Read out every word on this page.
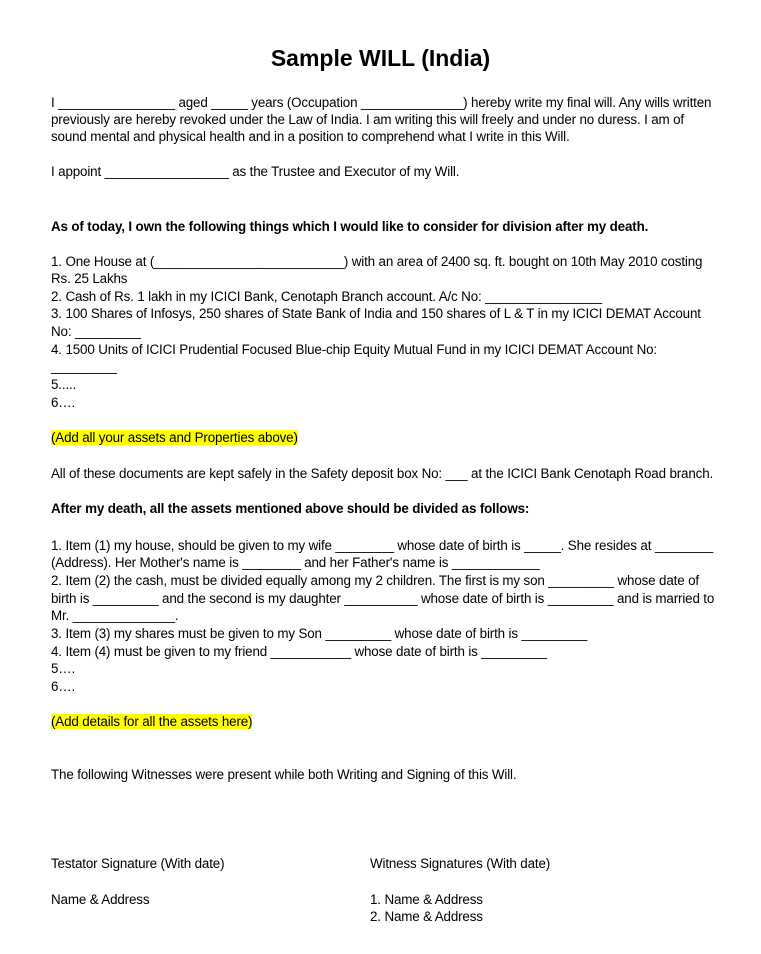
Sample WILL (India)

I ________________ aged _____ years (Occupation ______________) hereby write my final will. Any wills written

previously are hereby revoked under the Law of India. I am writing this will freely and under no duress. I am of

sound mental and physical health and in a position to comprehend what I write in this Will.

I appoint _________________ as the Trustee and Executor of my Will.

As of today, I own the following things which I would like to consider for division after my death.

1. One House at (__________________________) with an area of 2400 sq. ft. bought on 10th May 2010 costing

Rs. 25 Lakhs

2. Cash of Rs. 1 lakh in my ICICI Bank, Cenotaph Branch account. A/c No: ________________

3. 100 Shares of Infosys, 250 shares of State Bank of India and 150 shares of L & T in my ICICI DEMAT Account

No: _________

4. 1500 Units of ICICI Prudential Focused Blue-chip Equity Mutual Fund in my ICICI DEMAT Account No:

_________

5.....

6….

(Add all your assets and Properties above)

All of these documents are kept safely in the Safety deposit box No: ___ at the ICICI Bank Cenotaph Road branch.

After my death, all the assets mentioned above should be divided as follows:

1. Item (1) my house, should be given to my wife ________ whose date of birth is _____. She resides at ________

(Address). Her Mother's name is ________ and her Father's name is ____________

2. Item (2) the cash, must be divided equally among my 2 children. The first is my son _________ whose date of

birth is _________ and the second is my daughter __________ whose date of birth is _________ and is married to

Mr. ______________.

3. Item (3) my shares must be given to my Son _________ whose date of birth is _________

4. Item (4) must be given to my friend ___________ whose date of birth is _________

5….

6….

(Add details for all the assets here)

The following Witnesses were present while both Writing and Signing of this Will.

Testator Signature (With date)	Witness Signatures (With date)

Name & Address	1. Name & Address

2. Name & Address
